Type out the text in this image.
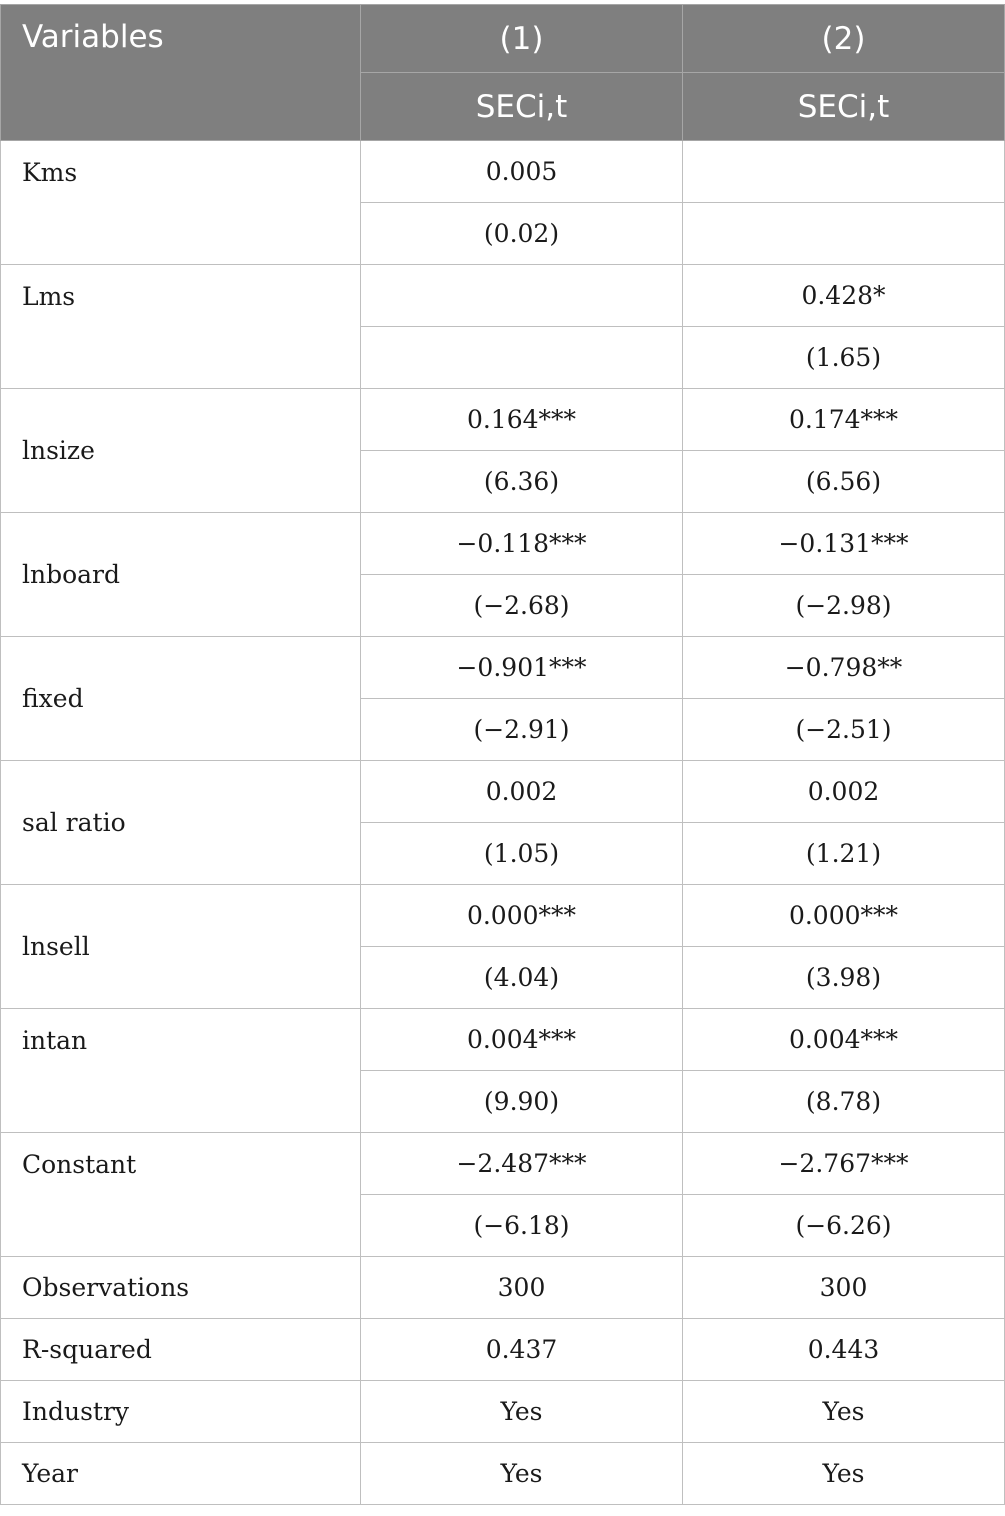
Variables	(1)	(2)
	SECi,t	SECi,t
Kms	0.005	
	(0.02)	
Lms		0.428*
		(1.65)
lnsize	0.164***	0.174***
	(6.36)	(6.56)
lnboard	−0.118***	−0.131***
	(−2.68)	(−2.98)
fixed	−0.901***	−0.798**
	(−2.91)	(−2.51)
sal ratio	0.002	0.002
	(1.05)	(1.21)
lnsell	0.000***	0.000***
	(4.04)	(3.98)
intan	0.004***	0.004***
	(9.90)	(8.78)
Constant	−2.487***	−2.767***
	(−6.18)	(−6.26)
Observations	300	300
R-squared	0.437	0.443
Industry	Yes	Yes
Year	Yes	Yes
